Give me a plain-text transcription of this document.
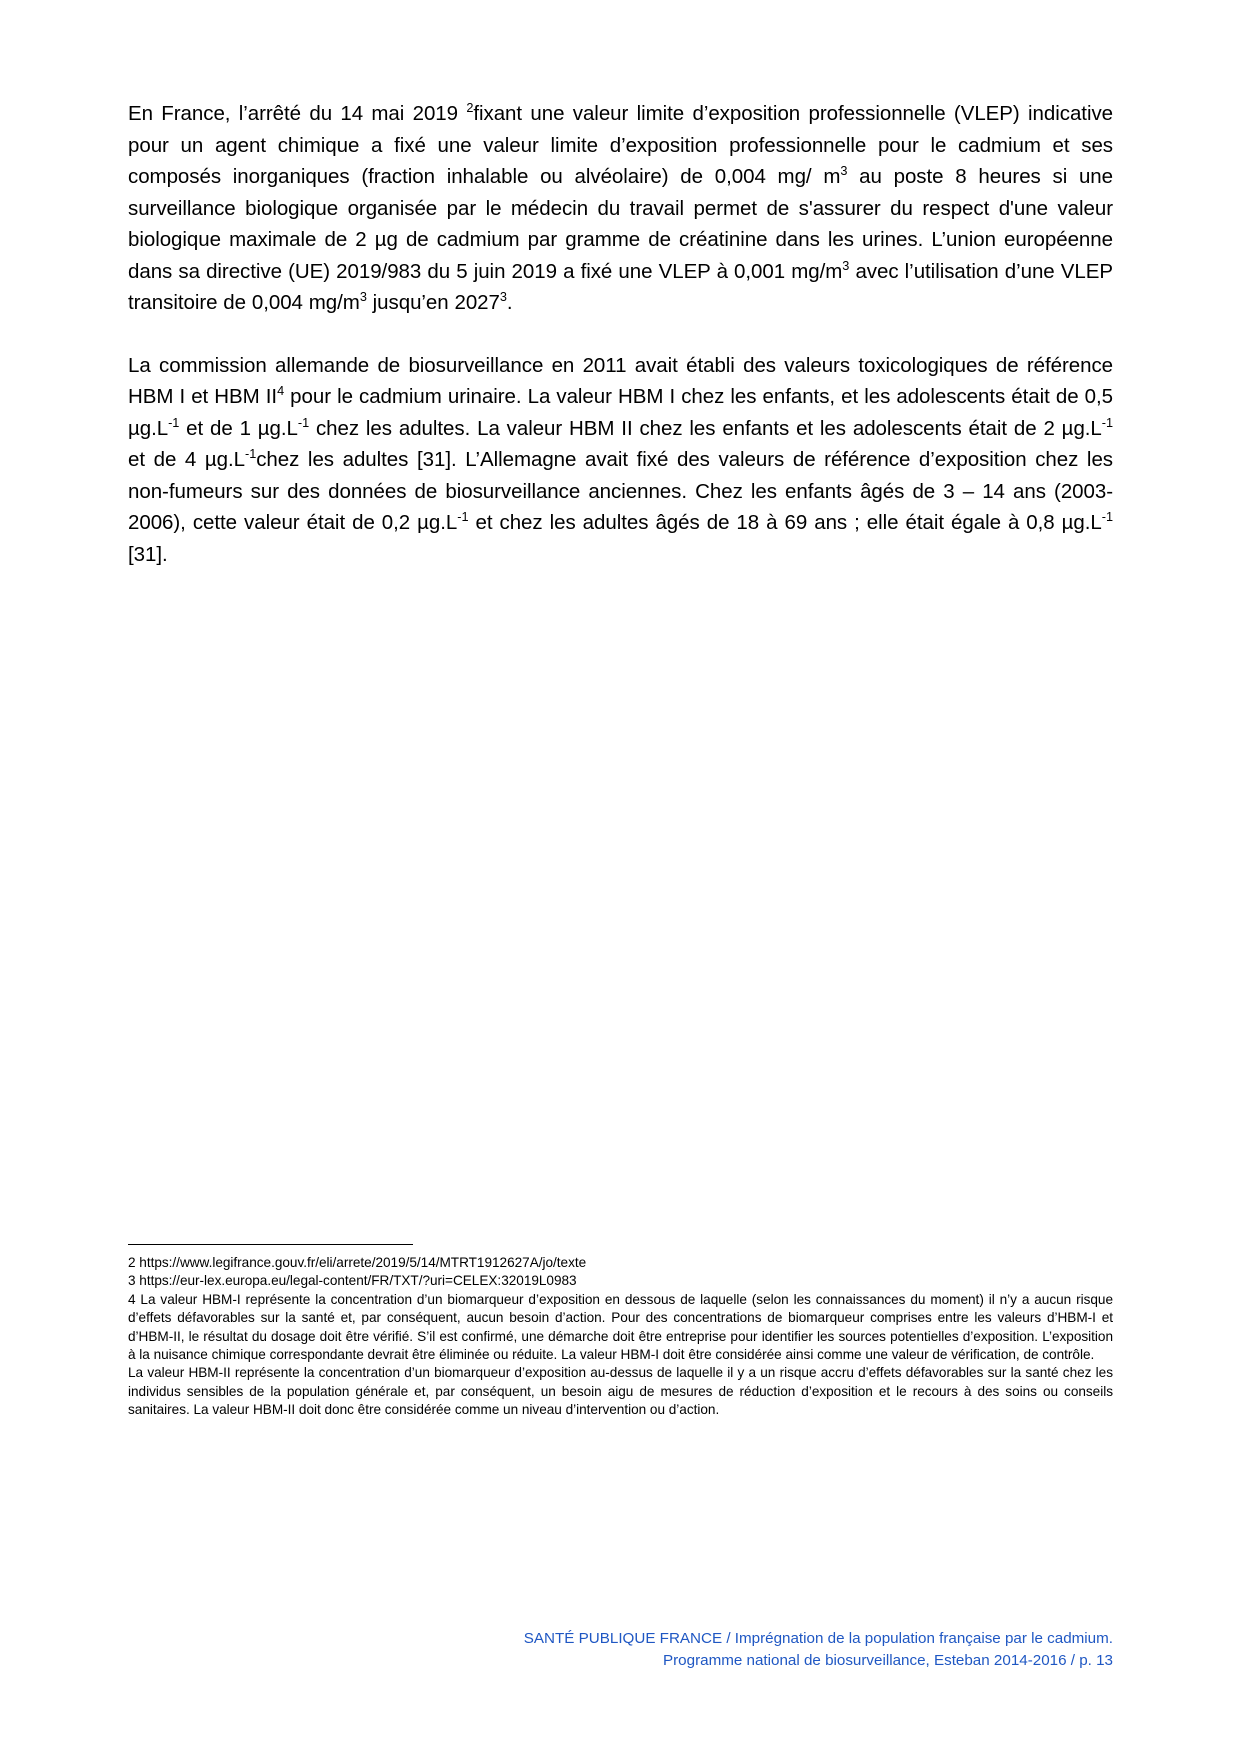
En France, l’arrêté du 14 mai 2019 $^2$fixant une valeur limite d’exposition professionnelle (VLEP) indicative pour un agent chimique a fixé une valeur limite d’exposition professionnelle pour le cadmium et ses composés inorganiques (fraction inhalable ou alvéolaire) de 0,004 mg/ $m^3$ au poste 8 heures si une surveillance biologique organisée par le médecin du travail permet de s'assurer du respect d'une valeur biologique maximale de 2 µg de cadmium par gramme de créatinine dans les urines. L’union européenne dans sa directive (UE) 2019/983 du 5 juin 2019 a fixé une VLEP à 0,001 $mg/m^3$ avec l’utilisation d’une VLEP transitoire de 0,004 $mg/m^3$ jusqu’en 2027$^3$.

La commission allemande de biosurveillance en 2011 avait établi des valeurs toxicologiques de référence HBM I et HBM $II^4$ pour le cadmium urinaire. La valeur HBM I chez les enfants, et les adolescents était de 0,5 $\mu g.L^{-1}$ et de 1 $\mu g.L^{-1}$ chez les adultes. La valeur HBM II chez les enfants et les adolescents était de 2 $\mu g.L^{-1}$ et de 4 $\mu g.L^{-1}chez$ les adultes [31]. L’Allemagne avait fixé des valeurs de référence d’exposition chez les non-fumeurs sur des données de biosurveillance anciennes. Chez les enfants âgés de 3 – 14 ans (2003-2006), cette valeur était de 0,2 $\mu g.L^{-1}$ et chez les adultes âgés de 18 à 69 ans ; elle était égale à 0,8 $\mu g.L^{-1}$ [31].

2 https://www.legifrance.gouv.fr/eli/arrete/2019/5/14/MTRT1912627A/jo/texte

3 https://eur-lex.europa.eu/legal-content/FR/TXT/?uri=CELEX:32019L0983

4 La valeur HBM-I représente la concentration d’un biomarqueur d’exposition en dessous de laquelle (selon les connaissances du moment) il n’y a aucun risque d’effets défavorables sur la santé et, par conséquent, aucun besoin d’action. Pour des concentrations de biomarqueur comprises entre les valeurs d’HBM-I et d’HBM-II, le résultat du dosage doit être vérifié. S’il est confirmé, une démarche doit être entreprise pour identifier les sources potentielles d’exposition. L’exposition à la nuisance chimique correspondante devrait être éliminée ou réduite. La valeur HBM-I doit être considérée ainsi comme une valeur de vérification, de contrôle.

La valeur HBM-II représente la concentration d’un biomarqueur d’exposition au-dessus de laquelle il y a un risque accru d’effets défavorables sur la santé chez les individus sensibles de la population générale et, par conséquent, un besoin aigu de mesures de réduction d’exposition et le recours à des soins ou conseils sanitaires. La valeur HBM-II doit donc être considérée comme un niveau d’intervention ou d’action.

SANTÉ PUBLIQUE FRANCE / Imprégnation de la population française par le cadmium.
Programme national de biosurveillance, Esteban 2014-2016 / p. 13
